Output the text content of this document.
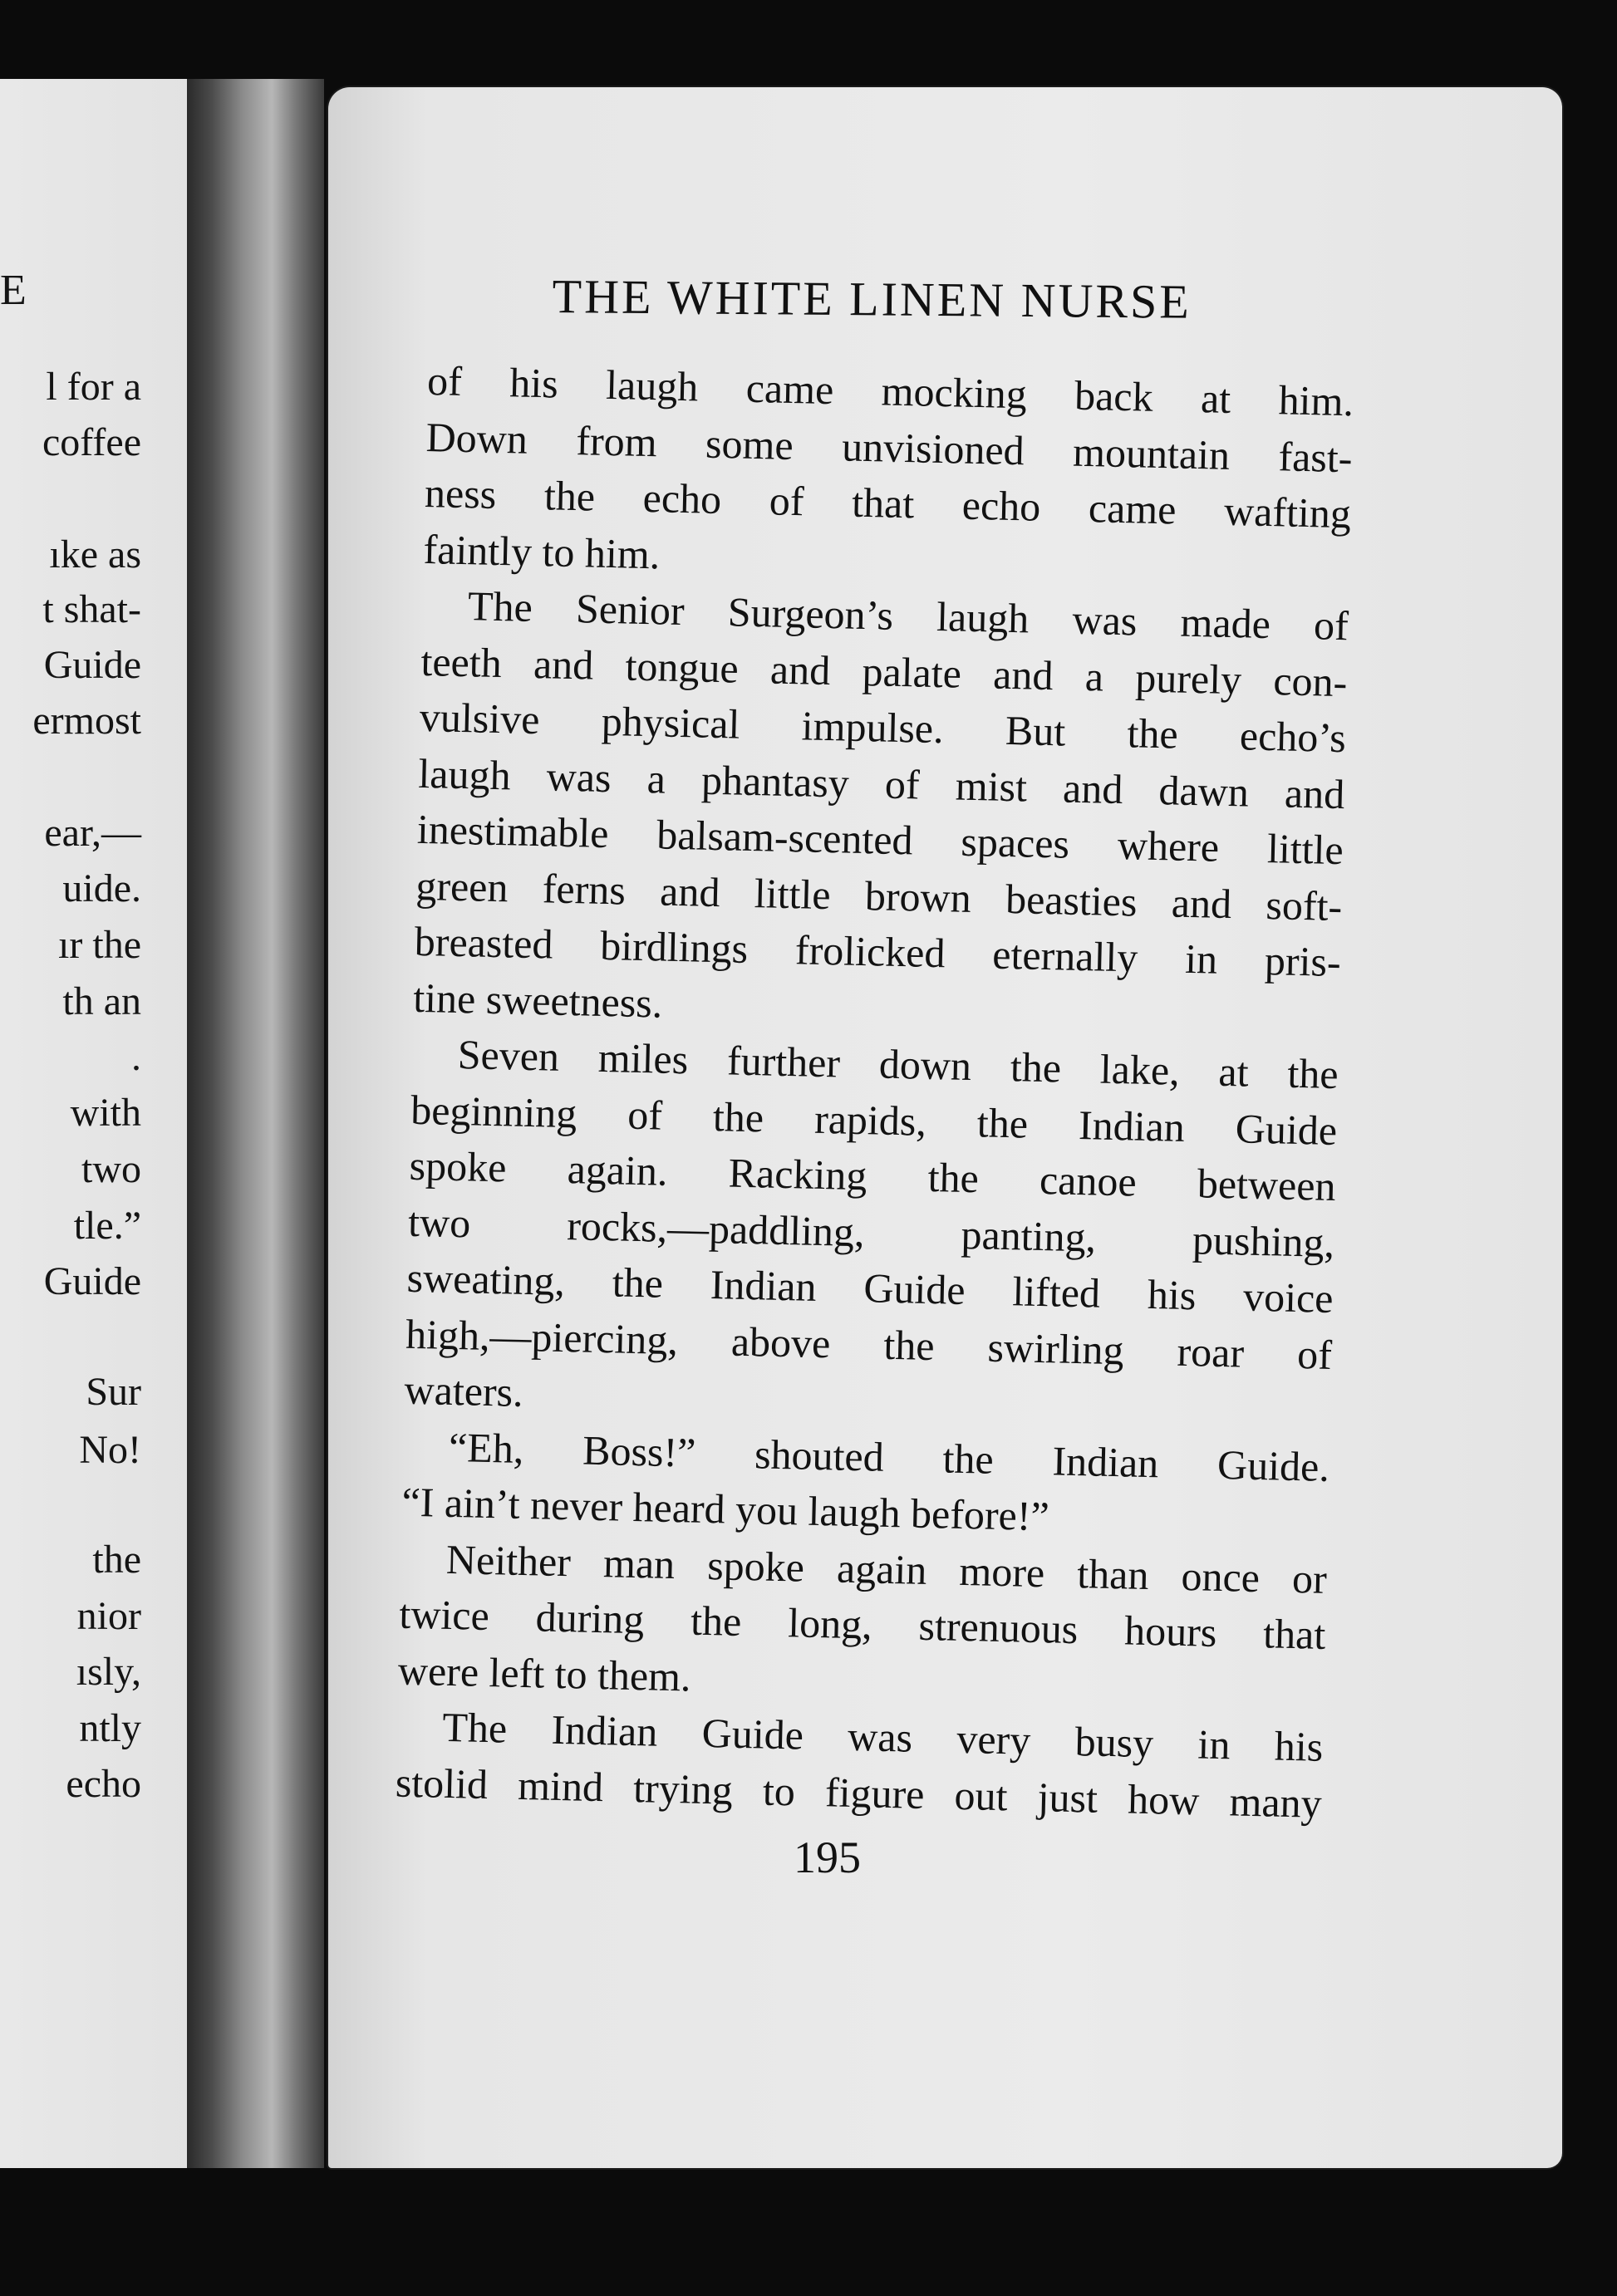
E
l for a
coffee
ıke as
t shat-
Guide
ermost
ear,—
uide.
ır the
th an
.
with
two
tle.”
Guide
Sur
No!
the
nior
ısly,
ntly
echo
THE WHITE LINEN NURSE
of his laugh came mocking back at him.
Down from some unvisioned mountain fast-
ness the echo of that echo came wafting
faintly to him.
The Senior Surgeon’s laugh was made of
teeth and tongue and palate and a purely con-
vulsive physical impulse. But the echo’s
laugh was a phantasy of mist and dawn and
inestimable balsam-scented spaces where little
green ferns and little brown beasties and soft-
breasted birdlings frolicked eternally in pris-
tine sweetness.
Seven miles further down the lake, at the
beginning of the rapids, the Indian Guide
spoke again. Racking the canoe between
two rocks,—paddling, panting, pushing,
sweating, the Indian Guide lifted his voice
high,—piercing, above the swirling roar of
waters.
“Eh, Boss!” shouted the Indian Guide.
“I ain’t never heard you laugh before!”
Neither man spoke again more than once or
twice during the long, strenuous hours that
were left to them.
The Indian Guide was very busy in his
stolid mind trying to figure out just how many
195
